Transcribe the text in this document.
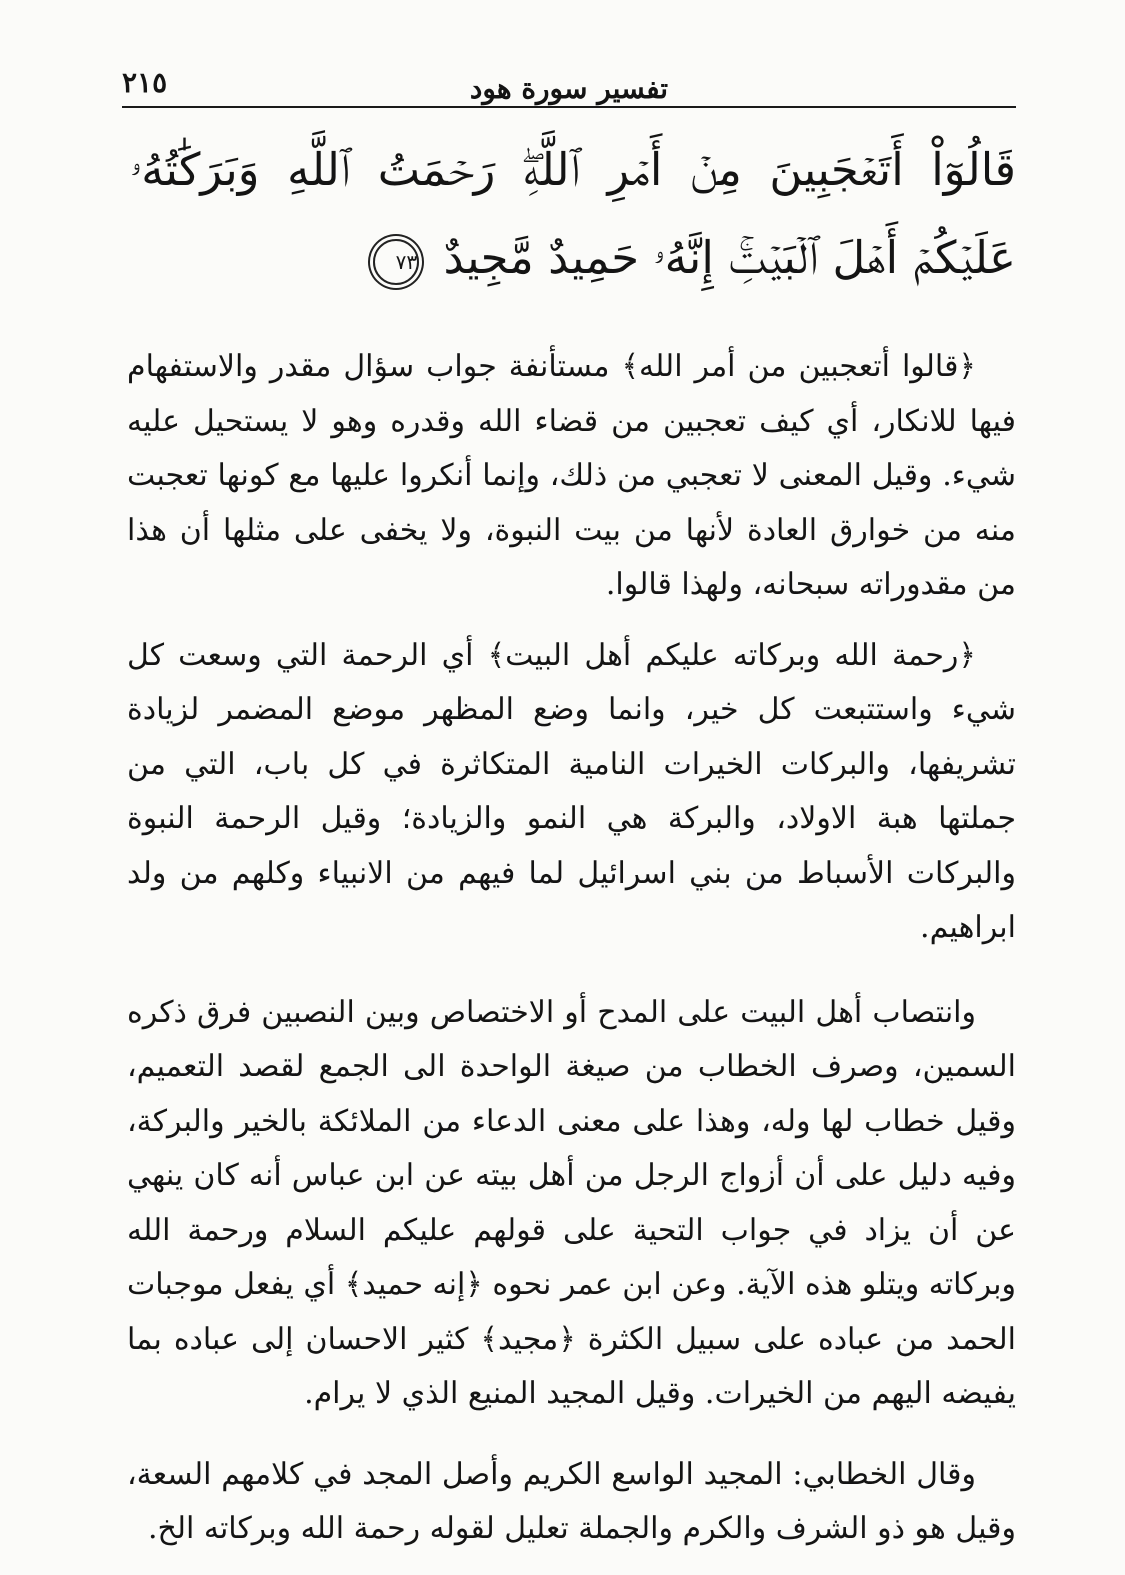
تفسير سورة هود
٢١٥
قَالُوٓاْ أَتَعۡجَبِينَ مِنۡ أَمۡرِ ٱللَّهِۖ رَحۡمَتُ ٱللَّهِ وَبَرَكَٰتُهُۥ عَلَيۡكُمۡ أَهۡلَ ٱلۡبَيۡتِۚ إِنَّهُۥ حَمِيدٌ مَّجِيدٌ ٧٣

﴿قالوا أتعجبين من أمر الله﴾ مستأنفة جواب سؤال مقدر والاستفهام فيها للانكار، أي كيف تعجبين من قضاء الله وقدره وهو لا يستحيل عليه شيء. وقيل المعنى لا تعجبي من ذلك، وإنما أنكروا عليها مع كونها تعجبت منه من خوارق العادة لأنها من بيت النبوة، ولا يخفى على مثلها أن هذا من مقدوراته سبحانه، ولهذا قالوا.

﴿رحمة الله وبركاته عليكم أهل البيت﴾ أي الرحمة التي وسعت كل شيء واستتبعت كل خير، وانما وضع المظهر موضع المضمر لزيادة تشريفها، والبركات الخيرات النامية المتكاثرة في كل باب، التي من جملتها هبة الاولاد، والبركة هي النمو والزيادة؛ وقيل الرحمة النبوة والبركات الأسباط من بني اسرائيل لما فيهم من الانبياء وكلهم من ولد ابراهيم.

وانتصاب أهل البيت على المدح أو الاختصاص وبين النصبين فرق ذكره السمين، وصرف الخطاب من صيغة الواحدة الى الجمع لقصد التعميم، وقيل خطاب لها وله، وهذا على معنى الدعاء من الملائكة بالخير والبركة، وفيه دليل على أن أزواج الرجل من أهل بيته عن ابن عباس أنه كان ينهي عن أن يزاد في جواب التحية على قولهم عليكم السلام ورحمة الله وبركاته ويتلو هذه الآية. وعن ابن عمر نحوه ﴿إنه حميد﴾ أي يفعل موجبات الحمد من عباده على سبيل الكثرة ﴿مجيد﴾ كثير الاحسان إلى عباده بما يفيضه اليهم من الخيرات. وقيل المجيد المنيع الذي لا يرام.

وقال الخطابي: المجيد الواسع الكريم وأصل المجد في كلامهم السعة، وقيل هو ذو الشرف والكرم والجملة تعليل لقوله رحمة الله وبركاته الخ.
